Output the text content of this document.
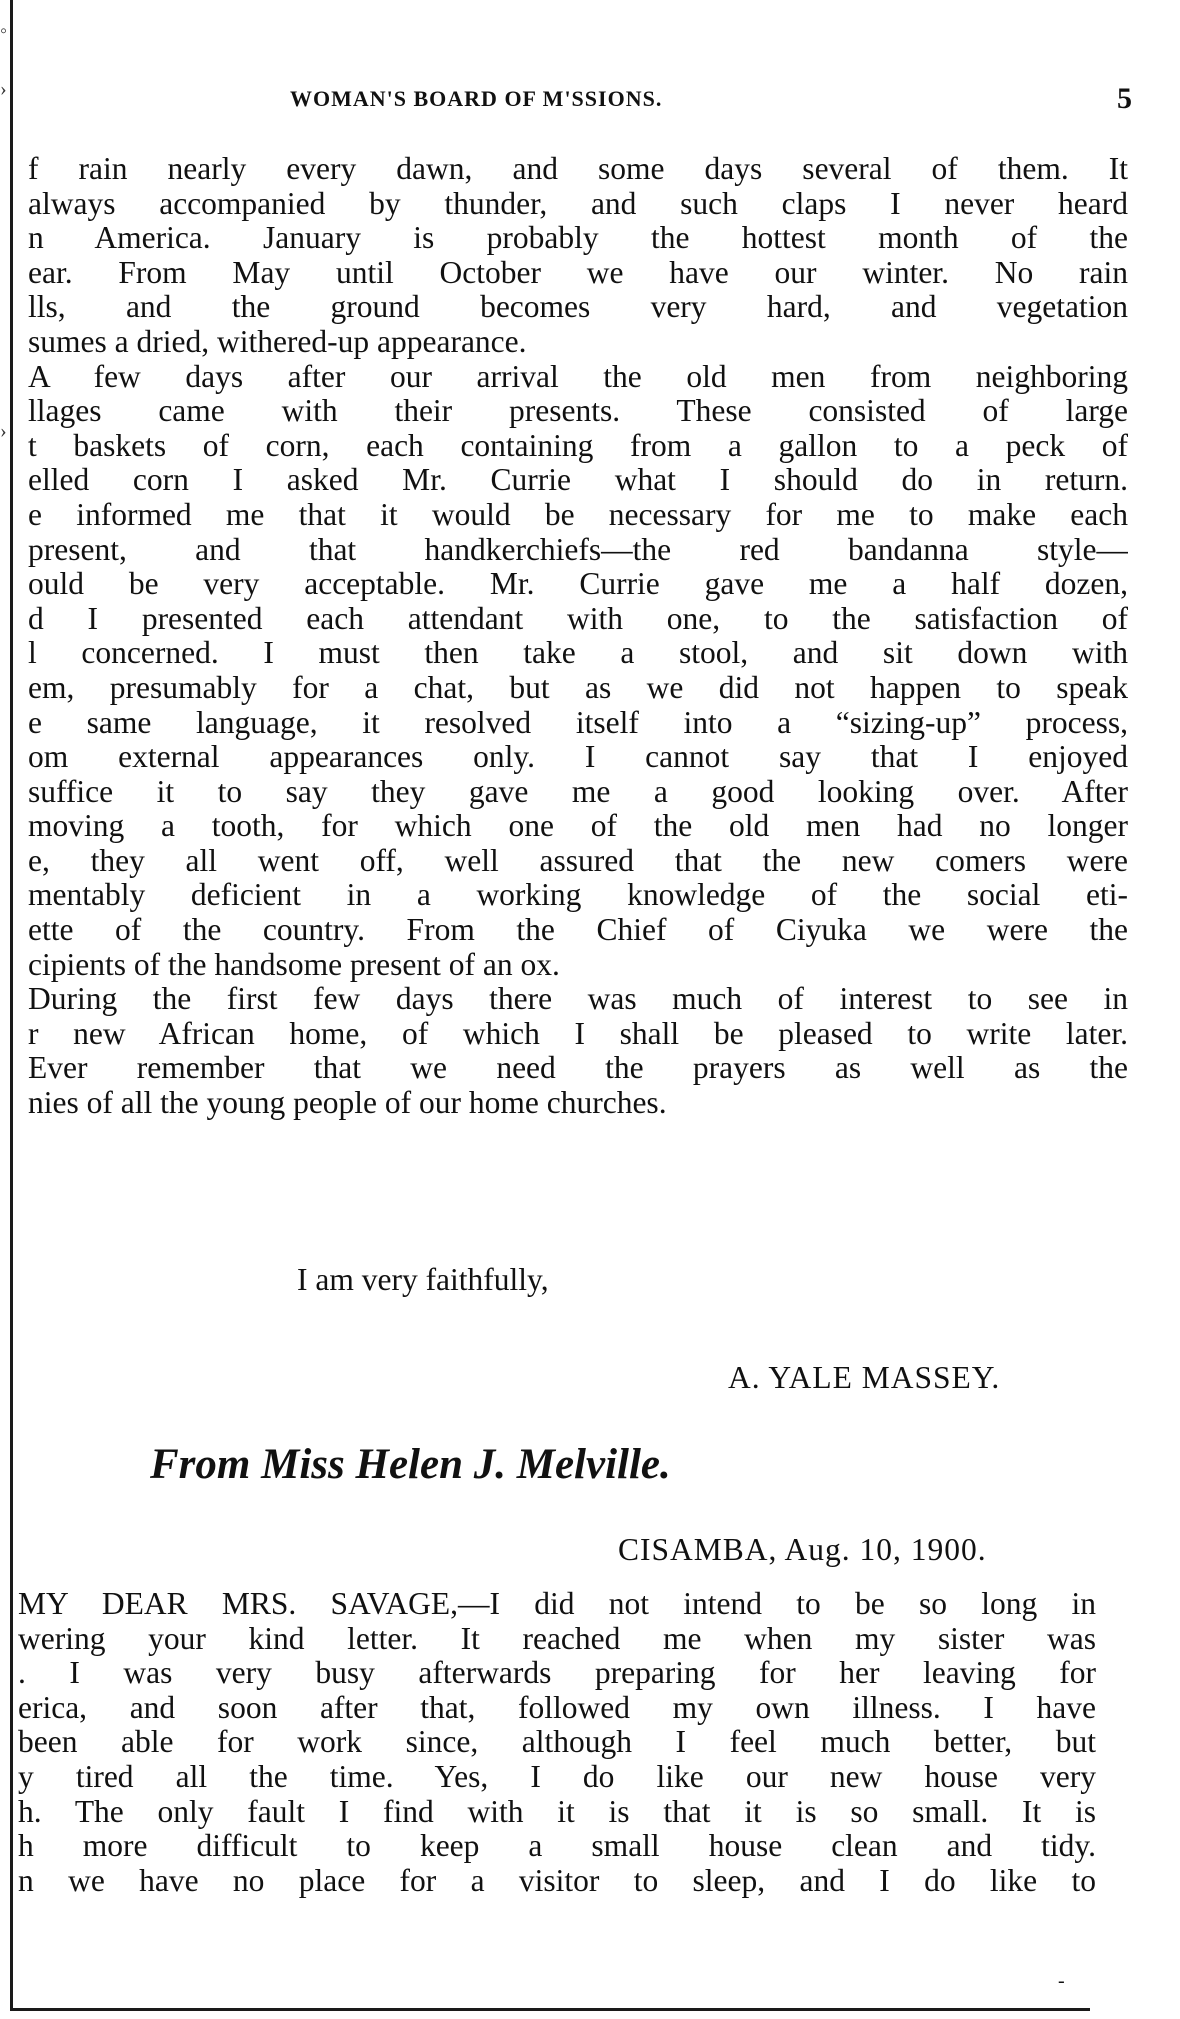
◦
›
›
WOMAN'S BOARD OF M'SSIONS.	5
f rain nearly every dawn, and some days several of them. It
always accompanied by thunder, and such claps I never heard
n America. January is probably the hottest month of the
ear. From May until October we have our winter. No rain
lls, and the ground becomes very hard, and vegetation
sumes a dried, withered-up appearance.
A few days after our arrival the old men from neighboring
llages came with their presents. These consisted of large
t baskets of corn, each containing from a gallon to a peck of
elled corn I asked Mr. Currie what I should do in return.
e informed me that it would be necessary for me to make each
present, and that handkerchiefs—the red bandanna style—
ould be very acceptable. Mr. Currie gave me a half dozen,
d I presented each attendant with one, to the satisfaction of
l concerned. I must then take a stool, and sit down with
em, presumably for a chat, but as we did not happen to speak
e same language, it resolved itself into a “sizing-up” process,
om external appearances only. I cannot say that I enjoyed
suffice it to say they gave me a good looking over. After
moving a tooth, for which one of the old men had no longer
e, they all went off, well assured that the new comers were
mentably deficient in a working knowledge of the social eti-
ette of the country. From the Chief of Ciyuka we were the
cipients of the handsome present of an ox.
During the first few days there was much of interest to see in
r new African home, of which I shall be pleased to write later.
Ever remember that we need the prayers as well as the
nies of all the young people of our home churches.
I am very faithfully,
A. YALE MASSEY.
From Miss Helen J. Melville.
CISAMBA, Aug. 10, 1900.
MY DEAR MRS. SAVAGE,—I did not intend to be so long in
wering your kind letter. It reached me when my sister was
. I was very busy afterwards preparing for her leaving for
erica, and soon after that, followed my own illness. I have
been able for work since, although I feel much better, but
y tired all the time. Yes, I do like our new house very
h. The only fault I find with it is that it is so small. It is
h more difficult to keep a small house clean and tidy.
n we have no place for a visitor to sleep, and I do like to
-
